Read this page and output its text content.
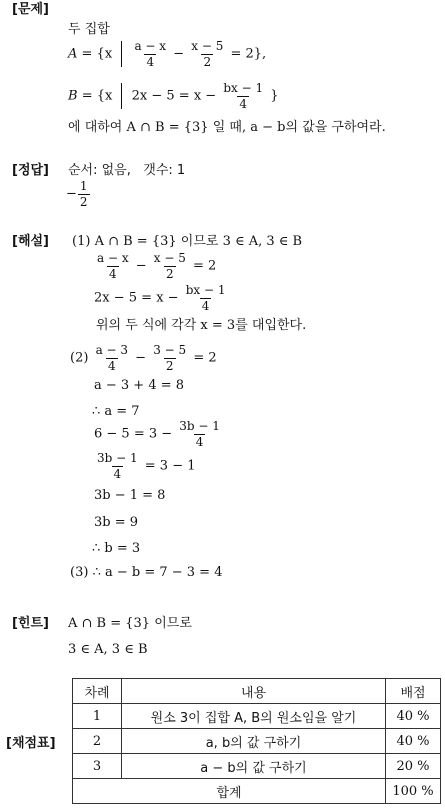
[문제]
[정답]
[해설]
[힌트]
[채점표]
두 집합
$A = \{x \frac{a - x}{4} - \frac{x - 5}{2} = 2\}$,
B = {x $2x - 5 = x - \frac{bx - 1}{4}$ }
에 대하여 A ∩ B = {3} 일 때, a − b의 값을 구하여라.
순서: 없음, 갯수: 1
− $\frac{1}{2}$
(1) A ∩ B = {3} 이므로 3 ∈ A, 3 ∈ B
$\frac{a - x}{4} - \frac{x - 5}{2} = 2$
$2x - 5 = x - \frac{bx - 1}{4}$
위의 두 식에 각각 x = 3를 대입한다.
$(2) \frac{a - 3}{4} - \frac{3 - 5}{2} = 2$
a − 3 + 4 = 8
∴ a = 7
$6 - 5 = 3 - \frac{3b - 1}{4}$
$\frac{3b - 1}{4} = 3 - 1$
3b − 1 = 8
3b = 9
∴ b = 3
(3) ∴ a − b = 7 − 3 = 4
A ∩ B = {3} 이므로
3 ∈ A, 3 ∈ B
차례	내용	배점
1	원소 3이 집합 A, B의 원소임을 알기	40 %
2	a, b의 값 구하기	40 %
3	a − b의 값 구하기	20 %
합계		100 %
